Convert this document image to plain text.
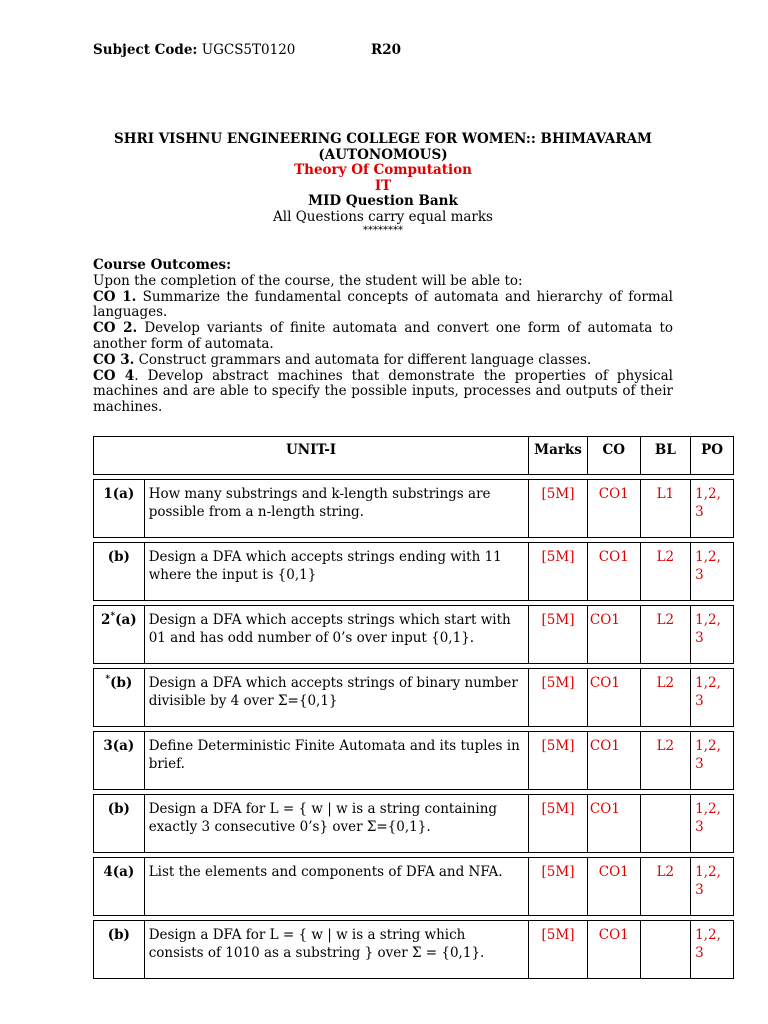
Subject Code: UGCS5T0120	R20
SHRI VISHNU ENGINEERING COLLEGE FOR WOMEN:: BHIMAVARAM
(AUTONOMOUS)
Theory Of Computation
IT
MID Question Bank
All Questions carry equal marks
********

Course Outcomes:

Upon the completion of the course, the student will be able to:

CO 1. Summarize the fundamental concepts of automata and hierarchy of formal languages.

CO 2. Develop variants of finite automata and convert one form of automata to another form of automata.

CO 3. Construct grammars and automata for different language classes.

CO 4. Develop abstract machines that demonstrate the properties of physical machines and are able to specify the possible inputs, processes and outputs of their machines.

UNIT-I		Marks	CO	BL	PO

1(a)	How many substrings and k-length substrings are possible from a n-length string.	[5M]	CO1	L1	1,2, 3

(b)	Design a DFA which accepts strings ending with 11 where the input is {0,1}	[5M]	CO1	L2	1,2, 3

2*(a)	Design a DFA which accepts strings which start with 01 and has odd number of 0’s over input {0,1}.	[5M]	CO1	L2	1,2, 3

*(b)	Design a DFA which accepts strings of binary number divisible by 4 over Σ={0,1}	[5M]	CO1	L2	1,2, 3

3(a)	Define Deterministic Finite Automata and its tuples in brief.	[5M]	CO1	L2	1,2, 3

(b)	Design a DFA for L = { w | w is a string containing exactly 3 consecutive 0’s} over Σ={0,1}.	[5M]	CO1		1,2, 3

4(a)	List the elements and components of DFA and NFA.	[5M]	CO1	L2	1,2, 3

(b)	Design a DFA for L = { w | w is a string which consists of 1010 as a substring } over Σ = {0,1}.	[5M]	CO1		1,2, 3
